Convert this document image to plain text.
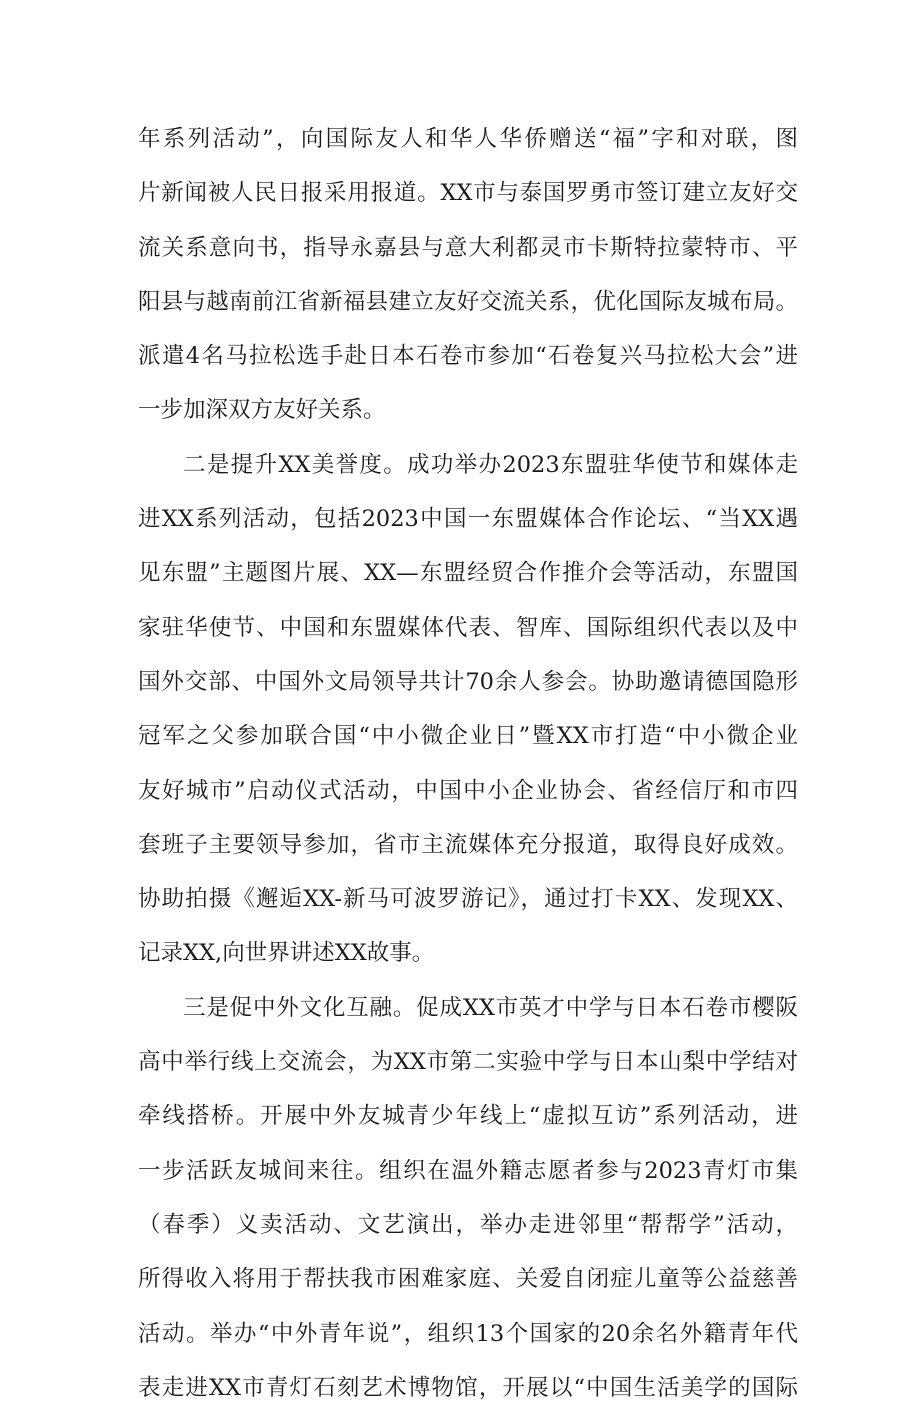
年系列活动”，向国际友人和华人华侨赠送“福”字和对联，图
片新闻被人民日报采用报道。XX市与泰国罗勇市签订建立友好交
流关系意向书，指导永嘉县与意大利都灵市卡斯特拉蒙特市、平
阳县与越南前江省新福县建立友好交流关系，优化国际友城布局。
派遣4名马拉松选手赴日本石卷市参加“石卷复兴马拉松大会”进
一步加深双方友好关系。
二是提升XX美誉度。成功举办2023东盟驻华使节和媒体走
进XX系列活动，包括2023中国一东盟媒体合作论坛、“当XX遇
见东盟”主题图片展、XX—东盟经贸合作推介会等活动，东盟国
家驻华使节、中国和东盟媒体代表、智库、国际组织代表以及中
国外交部、中国外文局领导共计70余人参会。协助邀请德国隐形
冠军之父参加联合国“中小微企业日”暨XX市打造“中小微企业
友好城市”启动仪式活动，中国中小企业协会、省经信厅和市四
套班子主要领导参加，省市主流媒体充分报道，取得良好成效。
协助拍摄《邂逅XX-新马可波罗游记》，通过打卡XX、发现XX、
记录XX,向世界讲述XX故事。
三是促中外文化互融。促成XX市英才中学与日本石卷市樱阪
高中举行线上交流会，为XX市第二实验中学与日本山梨中学结对
牵线搭桥。开展中外友城青少年线上“虚拟互访”系列活动，进
一步活跃友城间来往。组织在温外籍志愿者参与2023青灯市集
（春季）义卖活动、文艺演出，举办走进邻里“帮帮学”活动，
所得收入将用于帮扶我市困难家庭、关爱自闭症儿童等公益慈善
活动。举办“中外青年说”，组织13个国家的20余名外籍青年代
表走进XX市青灯石刻艺术博物馆，开展以“中国生活美学的国际
